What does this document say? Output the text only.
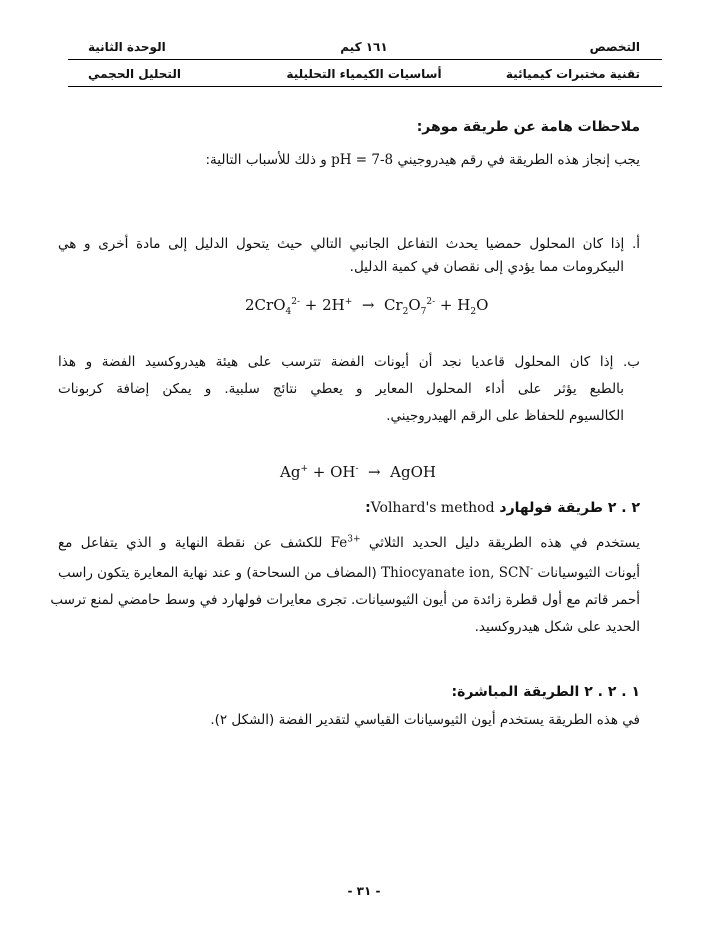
التخصص
١٦١ كيم
الوحدة الثانية
تقنية مختبرات كيميائية
أساسيات الكيمياء التحليلية
التحليل الحجمي
ملاحظات هامة عن طريقة موهر:
يجب إنجاز هذه الطريقة في رقم هيدروجيني pH = 7-8 و ذلك للأسباب التالية:
أ. إذا كان المحلول حمضيا يحدث التفاعل الجانبي التالي حيث يتحول الدليل إلى مادة أخرى و هي
البيكرومات مما يؤدي إلى نقصان في كمية الدليل.
$2CrO_4^{2-} + 2H^+ \to Cr_2O_7^{2-} + H_2O$
ب. إذا كان المحلول قاعديا نجد أن أيونات الفضة تترسب على هيئة هيدروكسيد الفضة و هذا
بالطبع يؤثر على أداء المحلول المعاير و يعطي نتائج سلبية. و يمكن إضافة كربونات
الكالسيوم للحفاظ على الرقم الهيدروجيني.
Ag+ + OH-  →  AgOH
٢ . ٢ طريقة فولهارد Volhard's method:
يستخدم في هذه الطريقة دليل الحديد الثلاثي $Fe^{3+}$ للكشف عن نقطة النهاية و الذي يتفاعل مع
أيونات الثيوسيانات Thiocyanate ion, SCN- (المضاف من السحاحة) و عند نهاية المعايرة يتكون راسب
أحمر قاتم مع أول قطرة زائدة من أيون الثيوسيانات. تجرى معايرات فولهارد في وسط حامضي لمنع ترسب
الحديد على شكل هيدروكسيد.
١ . ٢ . ٢ الطريقة المباشرة:
في هذه الطريقة يستخدم أيون الثيوسيانات القياسي لتقدير الفضة (الشكل ٢).
- ٣١ -
